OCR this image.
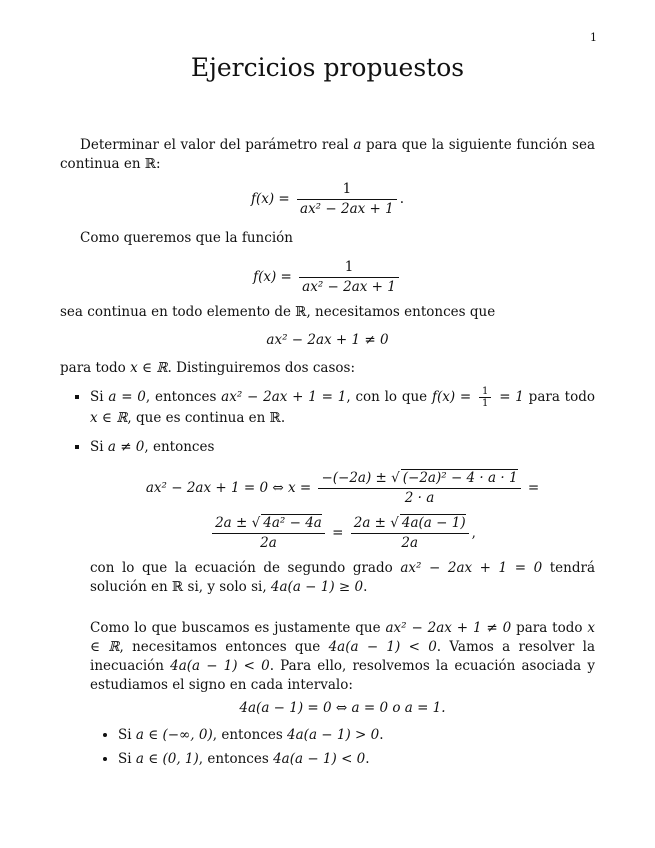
1
Ejercicios propuestos

Determinar el valor del parámetro real a para que la siguiente función sea continua en ℝ:

$f(x) = \frac{1}{\text{ax² − 2ax + 1}}$ .

Como queremos que la función

$f(x) = \frac{1}{\text{ax² − 2ax + 1}}$

sea continua en todo elemento de ℝ, necesitamos entonces que

ax² − 2ax + 1 ≠ 0

para todo x ∈ ℝ. Distinguiremos dos casos:

▪ Si a = 0, entonces ax² − 2ax + 1 = 1, con lo que $f(x) = \frac{1}{1} = 1$ para todo x ∈ ℝ, que es continua en ℝ.
▪ Si a ≠ 0, entonces
ax² − 2ax + 1 = 0 ⇔ $x = \frac{\text{−(−2a) ± √ (−2a)² − 4 · a · 1}}{2 \cdot a}$ =
$\frac{\text{2a ± √ 4a² − 4a}}{2a} = \frac{2a \pm √ 4a(a - 1)}{2a}$ ,

con lo que la ecuación de segundo grado ax² − 2ax + 1 = 0 tendrá solución en ℝ si, y solo si, 4a(a − 1) ≥ 0.

Como lo que buscamos es justamente que ax² − 2ax + 1 ≠ 0 para todo x ∈ ℝ, necesitamos entonces que 4a(a − 1) < 0. Vamos a resolver la inecuación 4a(a − 1) < 0. Para ello, resolvemos la ecuación asociada y estudiamos el signo en cada intervalo:

4a(a − 1) = 0 ⇔ a = 0 o a = 1.
• Si a ∈ (−∞, 0), entonces 4a(a − 1) > 0.
• Si a ∈ (0, 1), entonces 4a(a − 1) < 0.
